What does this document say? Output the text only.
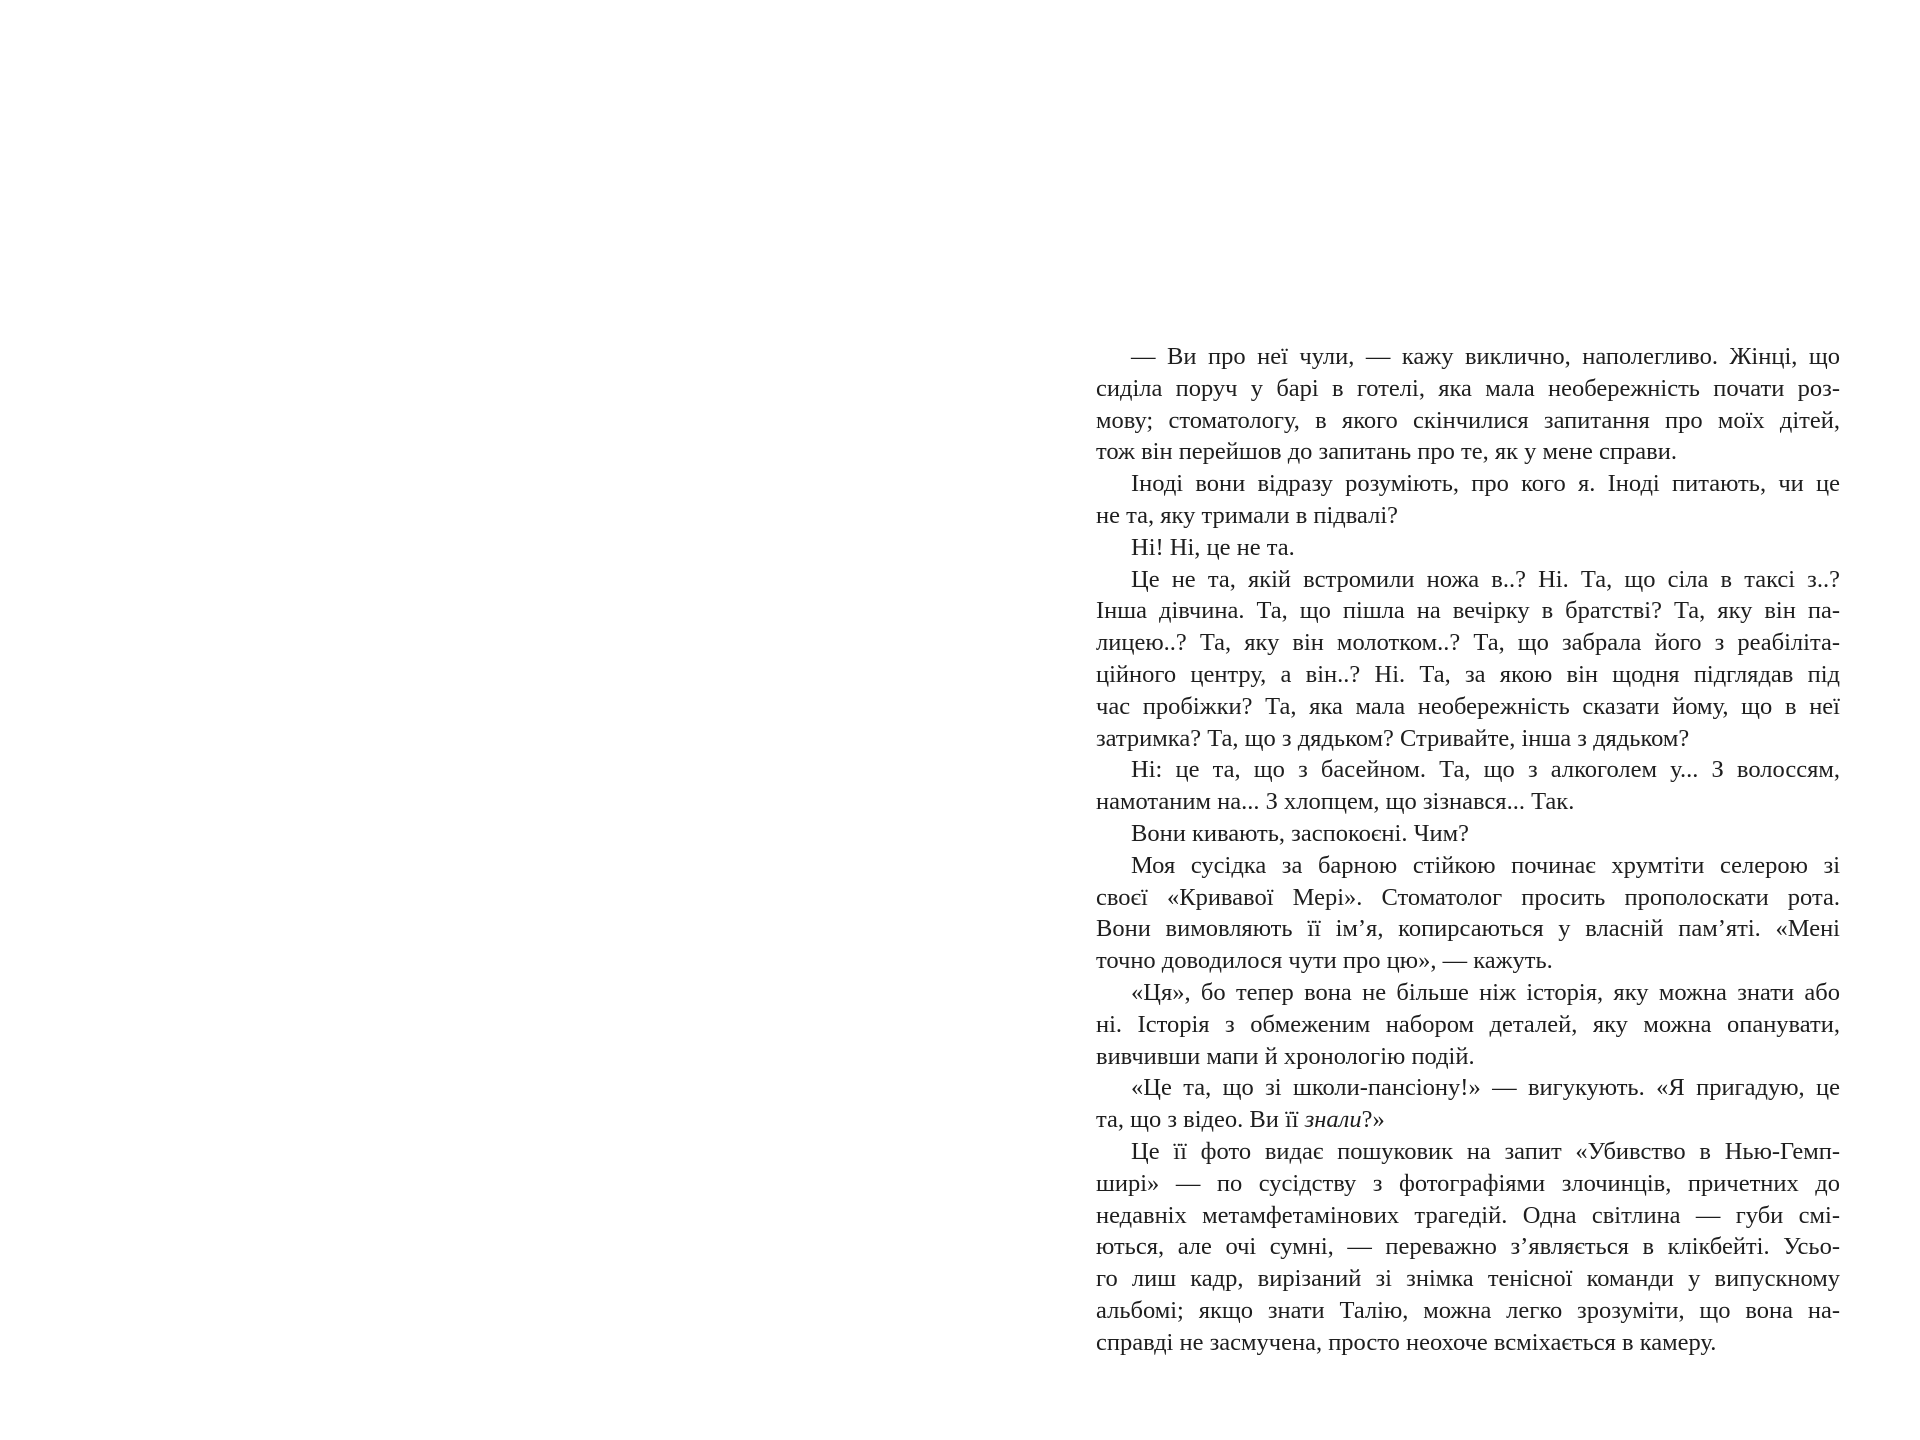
— Ви про неї чули, — кажу виклично, наполегливо. Жінці, що
сиділа поруч у барі в готелі, яка мала необережність почати роз-
мову; стоматологу, в якого скінчилися запитання про моїх дітей,
тож він перейшов до запитань про те, як у мене справи.
Іноді вони відразу розуміють, про кого я. Іноді питають, чи це
не та, яку тримали в підвалі?
Ні! Ні, це не та.
Це не та, якій встромили ножа в..? Ні. Та, що сіла в таксі з..?
Інша дівчина. Та, що пішла на вечірку в братстві? Та, яку він па-
лицею..? Та, яку він молотком..? Та, що забрала його з реабіліта-
ційного центру, а він..? Ні. Та, за якою він щодня підглядав під
час пробіжки? Та, яка мала необережність сказати йому, що в неї
затримка? Та, що з дядьком? Стривайте, інша з дядьком?
Ні: це та, що з басейном. Та, що з алкоголем у... З волоссям,
намотаним на... З хлопцем, що зізнався... Так.
Вони кивають, заспокоєні. Чим?
Моя сусідка за барною стійкою починає хрумтіти селерою зі
своєї «Кривавої Мері». Стоматолог просить прополоскати рота.
Вони вимовляють її ім’я, копирсаються у власній пам’яті. «Мені
точно доводилося чути про цю», — кажуть.
«Ця», бо тепер вона не більше ніж історія, яку можна знати або
ні. Історія з обмеженим набором деталей, яку можна опанувати,
вивчивши мапи й хронологію подій.
«Це та, що зі школи-пансіону!» — вигукують. «Я пригадую, це
та, що з відео. Ви її знали?»
Це її фото видає пошуковик на запит «Убивство в Нью-Гемп-
ширі» — по сусідству з фотографіями злочинців, причетних до
недавніх метамфетамінових трагедій. Одна світлина — губи смі-
ються, але очі сумні, — переважно з’являється в клікбейті. Усьо-
го лиш кадр, вирізаний зі знімка тенісної команди у випускному
альбомі; якщо знати Талію, можна легко зрозуміти, що вона на-
справді не засмучена, просто неохоче всміхається в камеру.
